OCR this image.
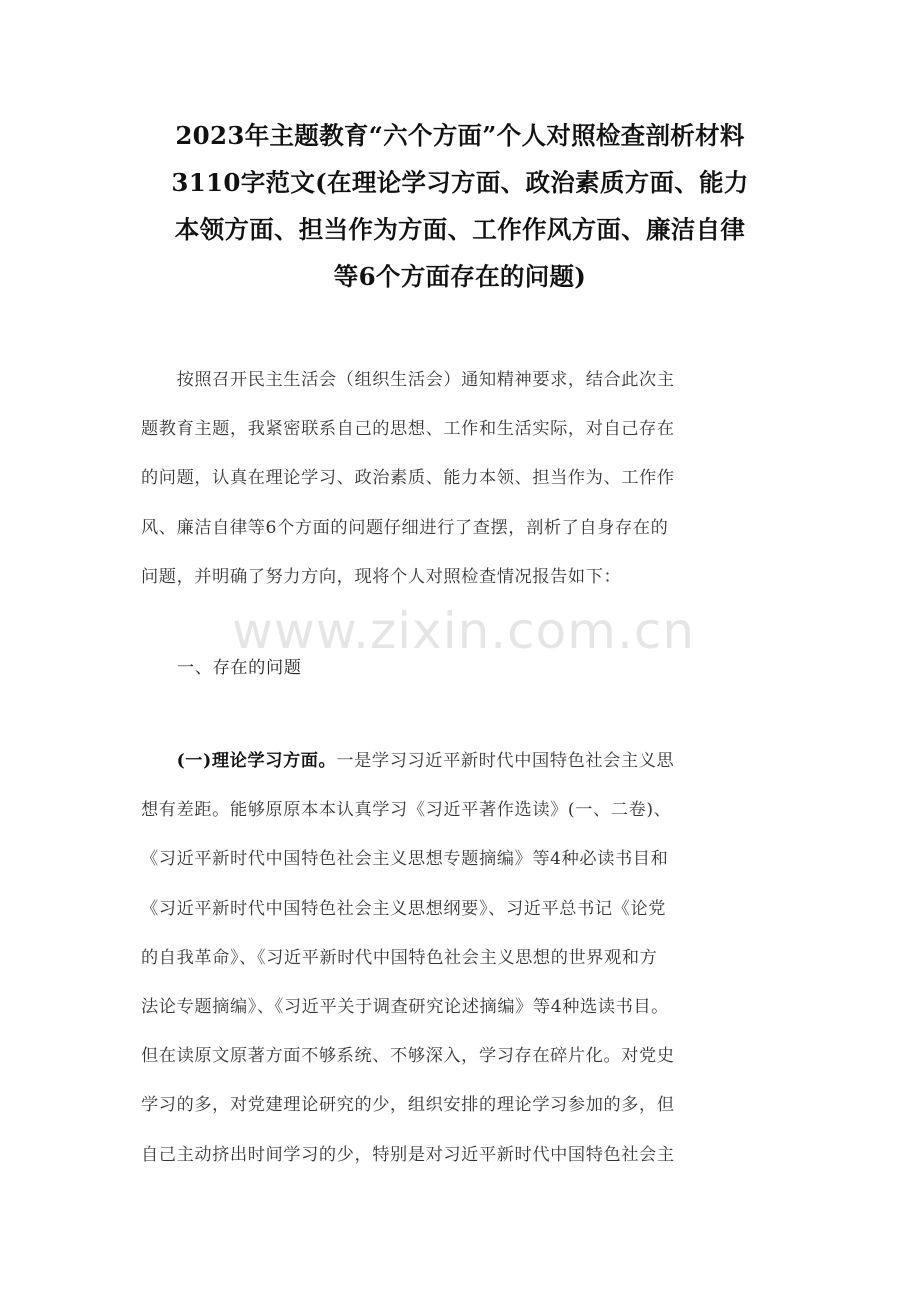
2023年主题教育“六个方面”个人对照检查剖析材料
3110字范文(在理论学习方面、政治素质方面、能力
本领方面、担当作为方面、工作作风方面、廉洁自律
等6个方面存在的问题)
　　按照召开民主生活会（组织生活会）通知精神要求，结合此次主
题教育主题，我紧密联系自己的思想、工作和生活实际，对自己存在
的问题，认真在理论学习、政治素质、能力本领、担当作为、工作作
风、廉洁自律等6个方面的问题仔细进行了查摆，剖析了自身存在的
问题，并明确了努力方向，现将个人对照检查情况报告如下：
www.zixin.com.cn
一、存在的问题
　　(一)理论学习方面。一是学习习近平新时代中国特色社会主义思
想有差距。能够原原本本认真学习《习近平著作选读》(一、二卷)、
《习近平新时代中国特色社会主义思想专题摘编》等4种必读书目和
《习近平新时代中国特色社会主义思想纲要》、习近平总书记《论党
的自我革命》、《习近平新时代中国特色社会主义思想的世界观和方
法论专题摘编》、《习近平关于调查研究论述摘编》等4种选读书目。
但在读原文原著方面不够系统、不够深入，学习存在碎片化。对党史
学习的多，对党建理论研究的少，组织安排的理论学习参加的多，但
自己主动挤出时间学习的少，特别是对习近平新时代中国特色社会主
